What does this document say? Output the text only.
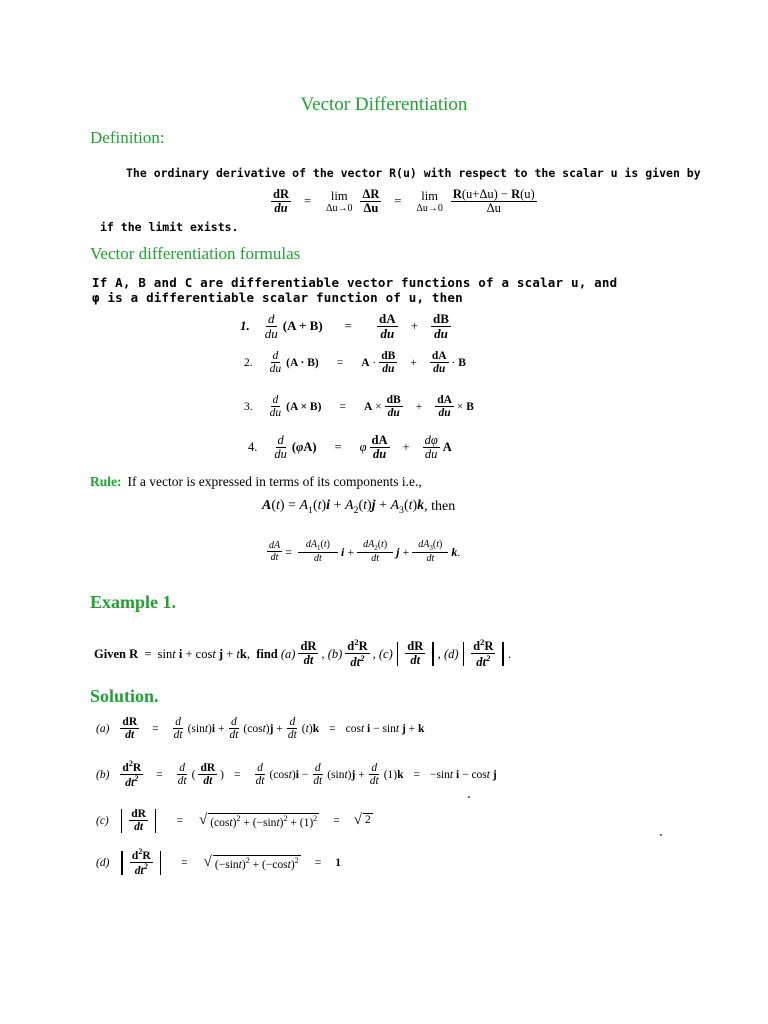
Vector Differentiation
Definition:
The ordinary derivative of the vector R(u) with respect to the scalar u is given by
$\frac{dR}{du} = \lim$
$\Delta u\to 0 \frac{\Delta R}{\Delta u} = \lim$
$\Delta u\to 0 \frac{R(u+\Delta u) - R(u)}{\Delta u}$
if the limit exists.
Vector differentiation formulas
If A, B and C are differentiable vector functions of a scalar u, and
φ is a differentiable scalar function of u, then
1. $\frac{d}{du} (A + B) = \frac{dA}{du} + \frac{dB}{du}$
2. $\frac{d}{du} (A \cdot B) = A \cdot \frac{dB}{du} + \frac{dA}{du} \cdot B$
3. $\frac{d}{du} (A \times B) = A \times \frac{dB}{du} + \frac{dA}{du} \times B$
4. $\frac{d}{du} (\varphi A) = \varphi \frac{dA}{du} + \frac{d\varphi}{du}$ A
Rule: If a vector is expressed in terms of its components i.e.,
$A(t) = A_1(t)i + A_2(t)j + A_3(t)k$ , then
$\frac{dA}{dt} = \frac{dA_1(t)}{dt}$ $i + \frac{dA_2(t)}{dt}$ $j + \frac{dA_3(t)}{dt}$ k .
Example 1.
Given
R =  sin t
i + cos t
j + t k , find
$(a) \frac{dR}{dt}$ , $(b) \frac{d^2R}{dt^2}$ , $(c) \frac{dR}{dt}$ , $(d) \frac{d^2R}{dt^2}$ .
Solution.
$(a) \frac{dR}{dt} = \frac{d}{dt} (\sin$ t ) $i + \frac{d}{dt} (\cos$ t ) $j + \frac{d}{dt}$ ( t ) k = cos t
i − sin t
j + k
$(b) \frac{d^2R}{dt^2} = \frac{d}{dt}$ ( $\frac{dR}{dt}$ ) = $\frac{d}{dt} (\cos$ t ) $i - \frac{d}{dt} (\sin$ t ) $j + \frac{d}{dt} (1) k = -\sin$ t
i − cos t
j
$(c) \frac{dR}{dt}$ = √ $(\cos t)^2 + (-\sin t)^2 + (1)^2$ = √ 2
$(d) \frac{d^2R}{dt^2}$ = √ $(-\sin t)^2 + (-\cos t)^2 = 1$
